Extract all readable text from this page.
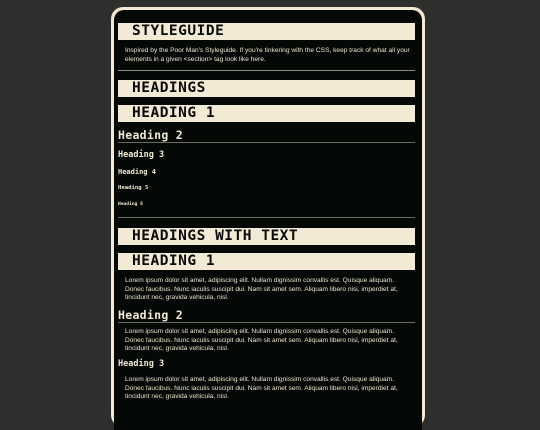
STYLEGUIDE
Inspired by the Poor Man's Styleguide. If you're tinkering with the CSS, keep track of what all your elements in a given <section> tag look like here.
HEADINGS
HEADING 1
Heading 2
Heading 3
Heading 4
Heading 5
Heading 6
HEADINGS WITH TEXT
HEADING 1
Lorem ipsum dolor sit amet, adipiscing elit. Nullam dignissim convallis est. Quisque aliquam. Donec faucibus. Nunc iaculis suscipit dui. Nam sit amet sem. Aliquam libero nisi, imperdiet at, tincidunt nec, gravida vehicula, nisl.
Heading 2
Lorem ipsum dolor sit amet, adipiscing elit. Nullam dignissim convallis est. Quisque aliquam. Donec faucibus. Nunc iaculis suscipit dui. Nam sit amet sem. Aliquam libero nisi, imperdiet at, tincidunt nec, gravida vehicula, nisl.
Heading 3
Lorem ipsum dolor sit amet, adipiscing elit. Nullam dignissim convallis est. Quisque aliquam. Donec faucibus. Nunc iaculis suscipit dui. Nam sit amet sem. Aliquam libero nisi, imperdiet at, tincidunt nec, gravida vehicula, nisl.
